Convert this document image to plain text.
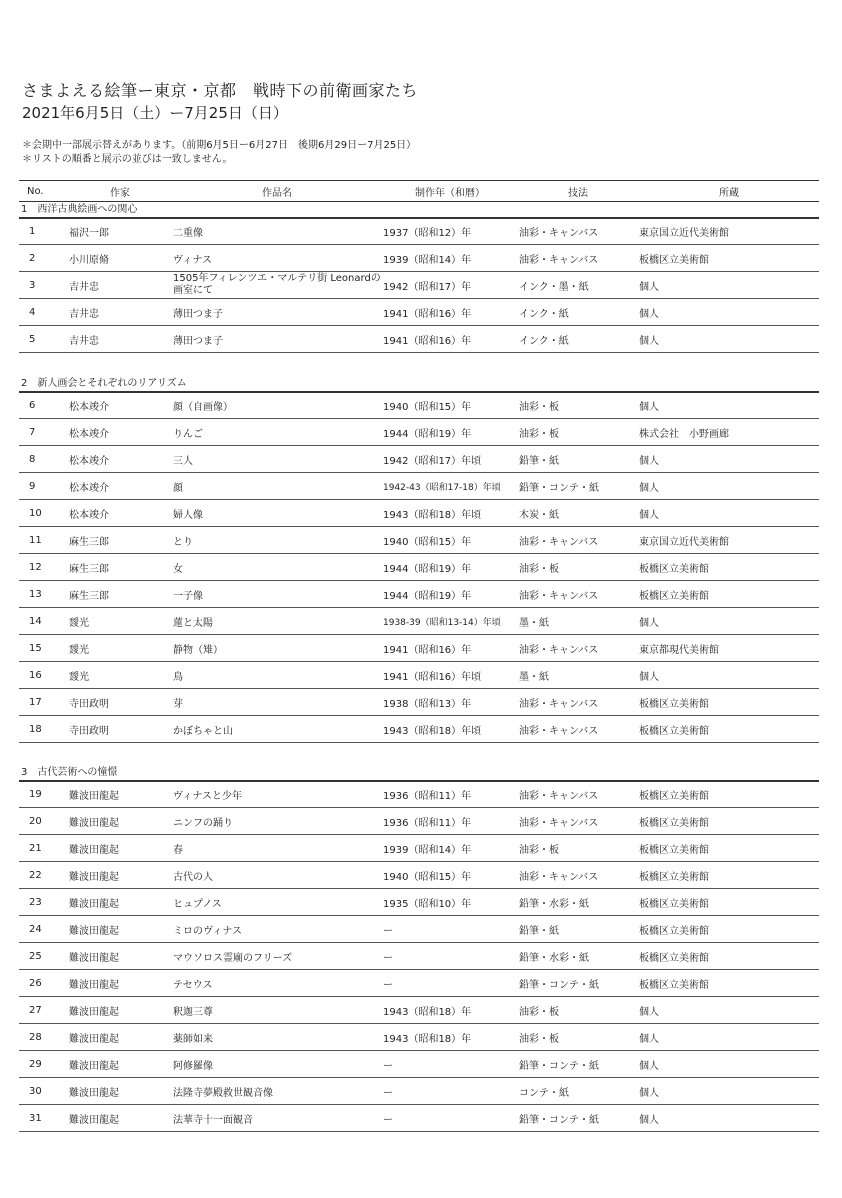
さまよえる絵筆ー東京・京都　戦時下の前衛画家たち
2021年6月5日（土）ー7月25日（日）
＊会期中一部展示替えがあります。（前期6月5日ー6月27日　後期6月29日ー7月25日）
＊リストの順番と展示の並びは一致しません。
No.	作家	作品名	制作年（和暦）	技法	所蔵
1　西洋古典絵画への関心
1	福沢一郎	二重像	1937（昭和12）年	油彩・キャンバス	東京国立近代美術館
2	小川原脩	ヴィナス	1939（昭和14）年	油彩・キャンバス	板橋区立美術館
3	吉井忠	1505年フィレンツエ・マルテリ街 Leonardの画室にて	1942（昭和17）年	インク・墨・紙	個人
4	吉井忠	薄田つま子	1941（昭和16）年	インク・紙	個人
5	吉井忠	薄田つま子	1941（昭和16）年	インク・紙	個人
2　新人画会とそれぞれのリアリズム
6	松本竣介	顔（自画像）	1940（昭和15）年	油彩・板	個人
7	松本竣介	りんご	1944（昭和19）年	油彩・板	株式会社　小野画廊
8	松本竣介	三人	1942（昭和17）年頃	鉛筆・紙	個人
9	松本竣介	顔	1942-43（昭和17-18）年頃	鉛筆・コンテ・紙	個人
10	松本竣介	婦人像	1943（昭和18）年頃	木炭・紙	個人
11	麻生三郎	とり	1940（昭和15）年	油彩・キャンバス	東京国立近代美術館
12	麻生三郎	女	1944（昭和19）年	油彩・板	板橋区立美術館
13	麻生三郎	一子像	1944（昭和19）年	油彩・キャンバス	板橋区立美術館
14	靉光	蓮と太陽	1938-39（昭和13-14）年頃	墨・紙	個人
15	靉光	静物（雉）	1941（昭和16）年	油彩・キャンバス	東京都現代美術館
16	靉光	鳥	1941（昭和16）年頃	墨・紙	個人
17	寺田政明	芽	1938（昭和13）年	油彩・キャンバス	板橋区立美術館
18	寺田政明	かぼちゃと山	1943（昭和18）年頃	油彩・キャンバス	板橋区立美術館
3　古代芸術への憧憬
19	難波田龍起	ヴィナスと少年	1936（昭和11）年	油彩・キャンバス	板橋区立美術館
20	難波田龍起	ニンフの踊り	1936（昭和11）年	油彩・キャンバス	板橋区立美術館
21	難波田龍起	春	1939（昭和14）年	油彩・板	板橋区立美術館
22	難波田龍起	古代の人	1940（昭和15）年	油彩・キャンバス	板橋区立美術館
23	難波田龍起	ヒュプノス	1935（昭和10）年	鉛筆・水彩・紙	板橋区立美術館
24	難波田龍起	ミロのヴィナス	ー	鉛筆・紙	板橋区立美術館
25	難波田龍起	マウソロス霊廟のフリーズ	ー	鉛筆・水彩・紙	板橋区立美術館
26	難波田龍起	テセウス	ー	鉛筆・コンテ・紙	板橋区立美術館
27	難波田龍起	釈迦三尊	1943（昭和18）年	油彩・板	個人
28	難波田龍起	薬師如来	1943（昭和18）年	油彩・板	個人
29	難波田龍起	阿修羅像	ー	鉛筆・コンテ・紙	個人
30	難波田龍起	法隆寺夢殿救世観音像	ー	コンテ・紙	個人
31	難波田龍起	法華寺十一面観音	ー	鉛筆・コンテ・紙	個人
